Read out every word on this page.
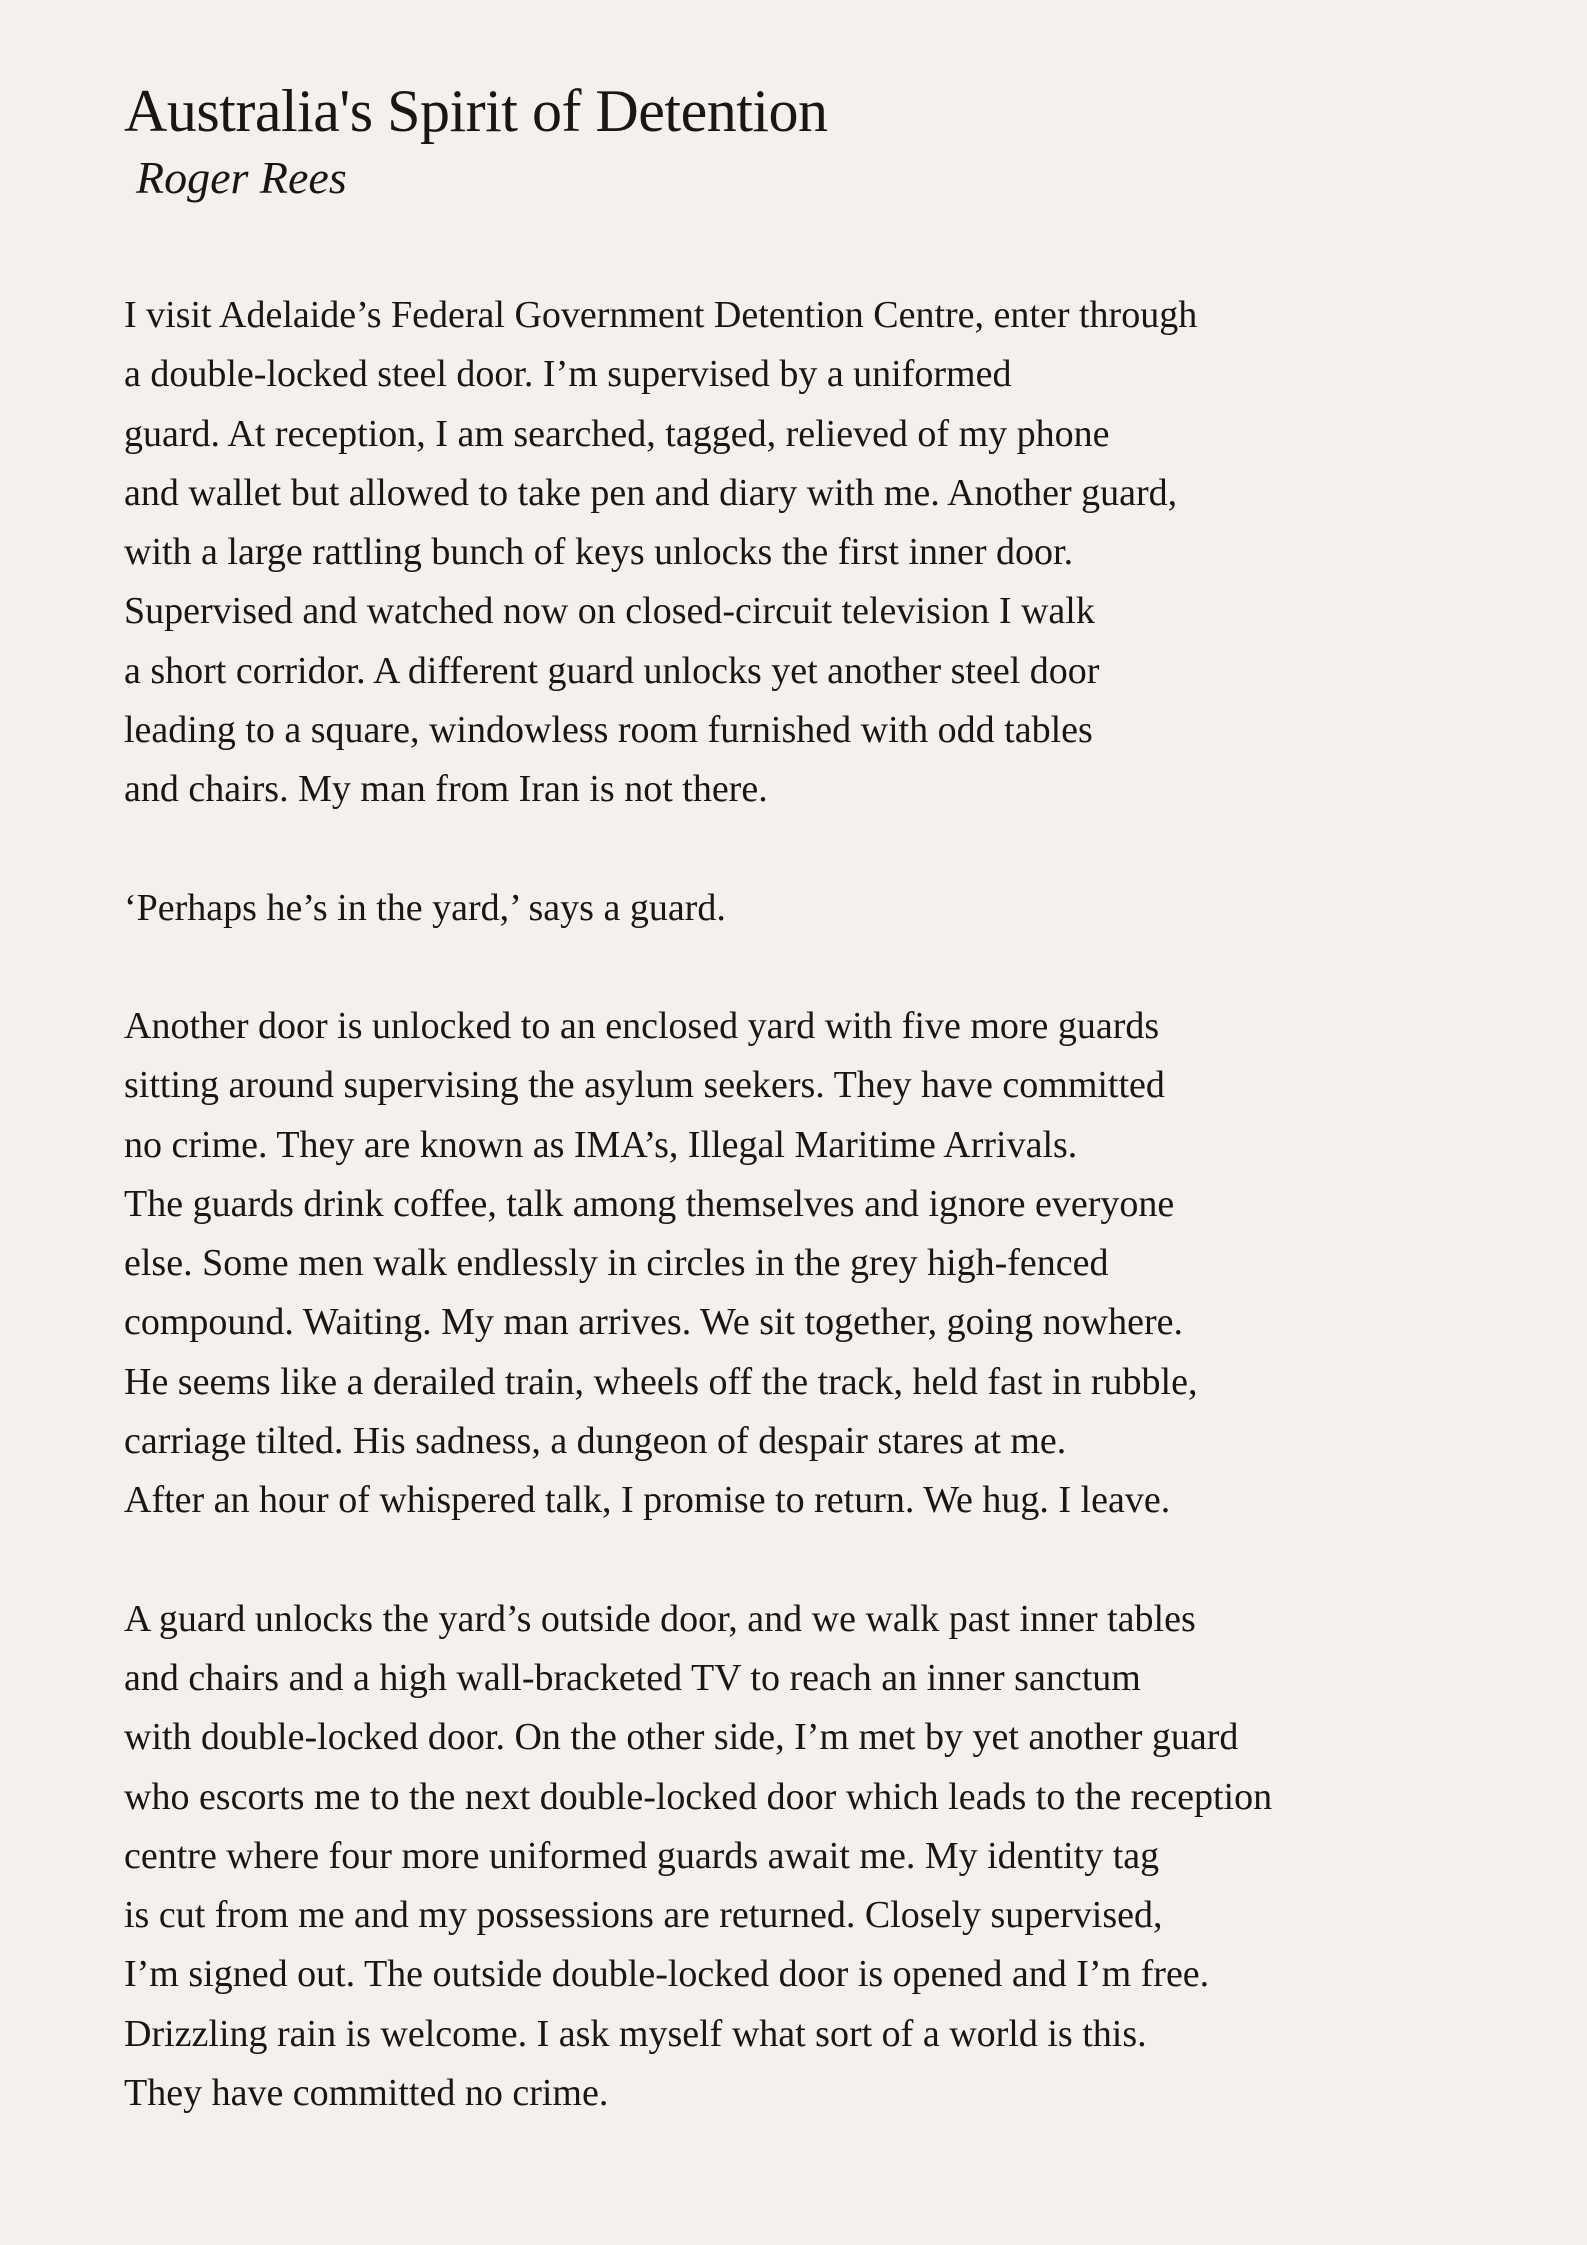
Australia's Spirit of Detention

Roger Rees

I visit Adelaide’s Federal Government Detention Centre, enter through

a double-locked steel door. I’m supervised by a uniformed

guard. At reception, I am searched, tagged, relieved of my phone

and wallet but allowed to take pen and diary with me. Another guard,

with a large rattling bunch of keys unlocks the first inner door.

Supervised and watched now on closed-circuit television I walk

a short corridor. A different guard unlocks yet another steel door

leading to a square, windowless room furnished with odd tables

and chairs. My man from Iran is not there.

‘Perhaps he’s in the yard,’ says a guard.

Another door is unlocked to an enclosed yard with five more guards

sitting around supervising the asylum seekers. They have committed

no crime. They are known as IMA’s, Illegal Maritime Arrivals.

The guards drink coffee, talk among themselves and ignore everyone

else. Some men walk endlessly in circles in the grey high-fenced

compound. Waiting. My man arrives. We sit together, going nowhere.

He seems like a derailed train, wheels off the track, held fast in rubble,

carriage tilted. His sadness, a dungeon of despair stares at me.

After an hour of whispered talk, I promise to return. We hug. I leave.

A guard unlocks the yard’s outside door, and we walk past inner tables

and chairs and a high wall-bracketed TV to reach an inner sanctum

with double-locked door. On the other side, I’m met by yet another guard

who escorts me to the next double-locked door which leads to the reception

centre where four more uniformed guards await me. My identity tag

is cut from me and my possessions are returned. Closely supervised,

I’m signed out. The outside double-locked door is opened and I’m free.

Drizzling rain is welcome. I ask myself what sort of a world is this.

They have committed no crime.
